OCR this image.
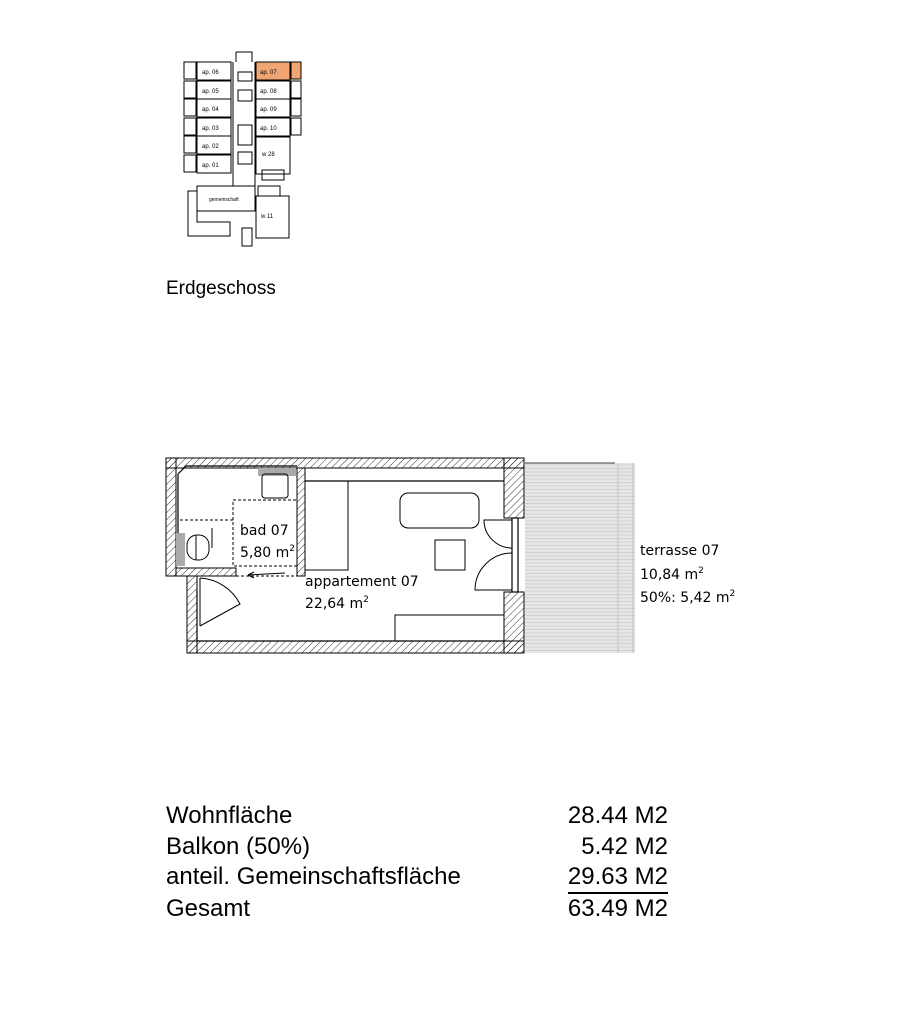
ap. 06
ap. 05
ap. 04
ap. 03
ap. 02
ap. 01
ap. 07
ap. 08
ap. 09
ap. 10
w 28
gemeinschaft
w 11
Erdgeschoss
bad 07
5,80 $m^2$
appartement 07
22,64 $m^2$
terrasse 07
10,84 $m^2$
50%: 5,42 $m^2$
Wohnfläche	28.44 M2
Balkon (50%)	5.42 M2
anteil. Gemeinschaftsfläche	29.63 M2
Gesamt	63.49 M2
